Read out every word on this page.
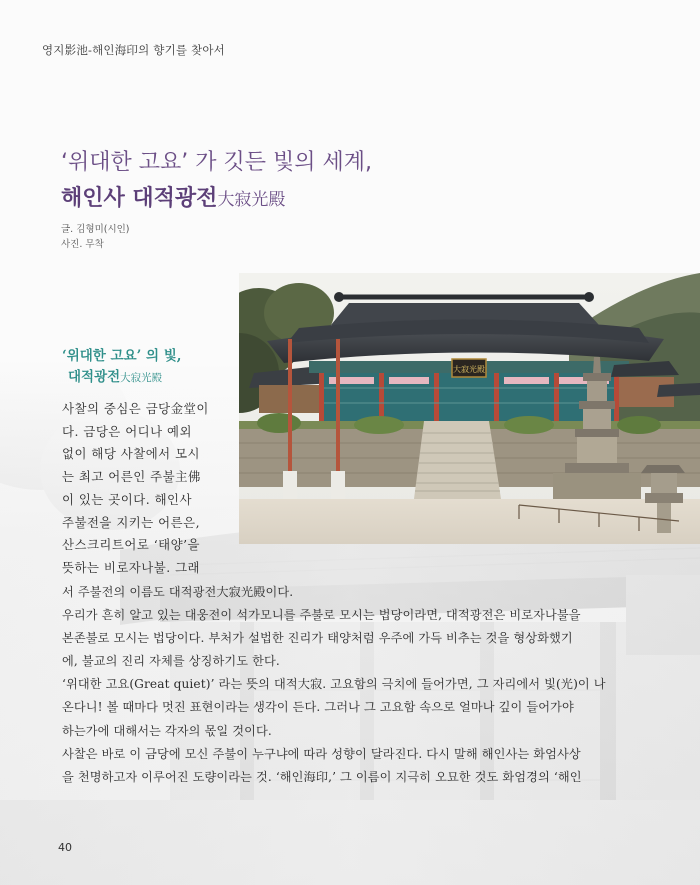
영지影池-해인海印의 향기를 찾아서
‘위대한 고요’ 가 깃든 빛의 세계,
해인사 대적광전大寂光殿
글. 김형미(시인)
사진. 무착
大寂光殿
‘위대한 고요’ 의 빛,
대적광전大寂光殿

사찰의 중심은 금당金堂이

다. 금당은 어디나 예외

없이 해당 사찰에서 모시

는 최고 어른인 주불主佛

이 있는 곳이다. 해인사

주불전을 지키는 어른은,

산스크리트어로 ‘태양’을

뜻하는 비로자나불. 그래

서 주불전의 이름도 대적광전大寂光殿이다.

우리가 흔히 알고 있는 대웅전이 석가모니를 주불로 모시는 법당이라면, 대적광전은 비로자나불을

본존불로 모시는 법당이다. 부처가 설법한 진리가 태양처럼 우주에 가득 비추는 것을 형상화했기

에, 불교의 진리 자체를 상징하기도 한다.

‘위대한 고요(Great quiet)’ 라는 뜻의 대적大寂. 고요함의 극치에 들어가면, 그 자리에서 빛(光)이 나

온다니! 볼 때마다 멋진 표현이라는 생각이 든다. 그러나 그 고요함 속으로 얼마나 깊이 들어가야

하는가에 대해서는 각자의 몫일 것이다.

사찰은 바로 이 금당에 모신 주불이 누구냐에 따라 성향이 달라진다. 다시 말해 해인사는 화엄사상

을 천명하고자 이루어진 도량이라는 것. ‘해인海印,’ 그 이름이 지극히 오묘한 것도 화엄경의 ‘해인

40
